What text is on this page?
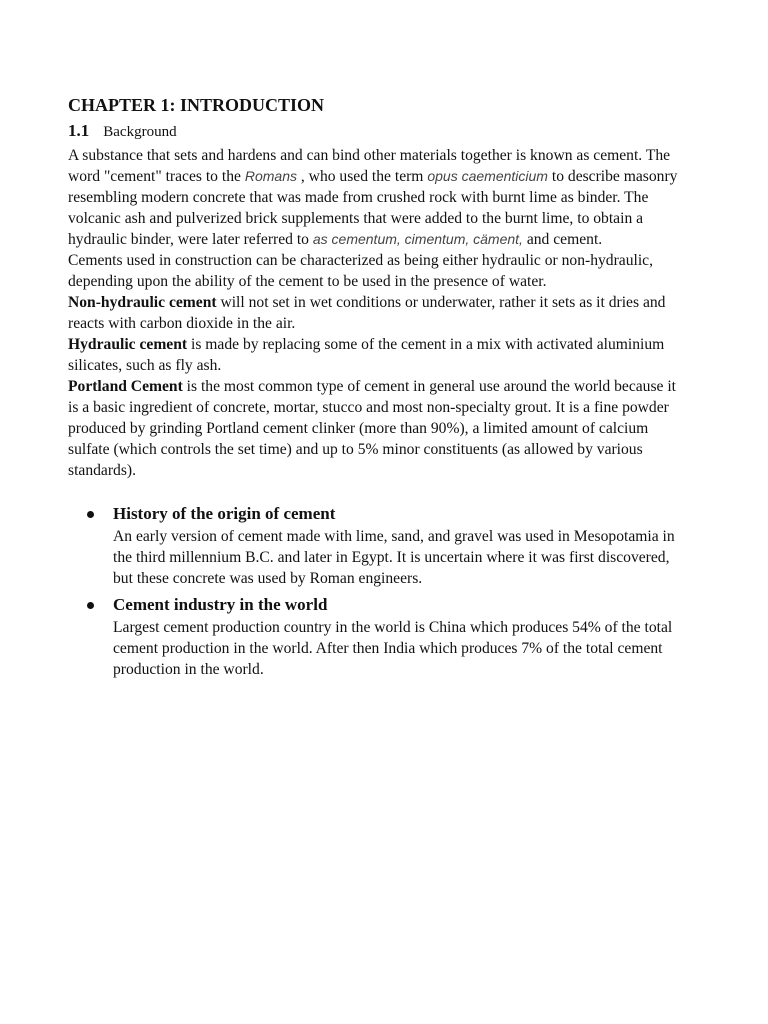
CHAPTER 1: INTRODUCTION
1.1 Background

A substance that sets and hardens and can bind other materials together is known as cement. The word "cement" traces to the Romans , who used the term opus caementicium to describe masonry resembling modern concrete that was made from crushed rock with burnt lime as binder. The volcanic ash and pulverized brick supplements that were added to the burnt lime, to obtain a hydraulic binder, were later referred to as cementum, cimentum, cäment, and cement.

Cements used in construction can be characterized as being either hydraulic or non-hydraulic, depending upon the ability of the cement to be used in the presence of water.

Non-hydraulic cement will not set in wet conditions or underwater, rather it sets as it dries and reacts with carbon dioxide in the air.

Hydraulic cement is made by replacing some of the cement in a mix with activated aluminium silicates, such as fly ash.

Portland Cement is the most common type of cement in general use around the world because it is a basic ingredient of concrete, mortar, stucco and most non-specialty grout. It is a fine powder produced by grinding Portland cement clinker (more than 90%), a limited amount of calcium sulfate (which controls the set time) and up to 5% minor constituents (as allowed by various standards).

History of the origin of cement
An early version of cement made with lime, sand, and gravel was used in Mesopotamia in the third millennium B.C. and later in Egypt. It is uncertain where it was first discovered, but these concrete was used by Roman engineers.
Cement industry in the world
Largest cement production country in the world is China which produces 54% of the total cement production in the world. After then India which produces 7% of the total cement production in the world.
